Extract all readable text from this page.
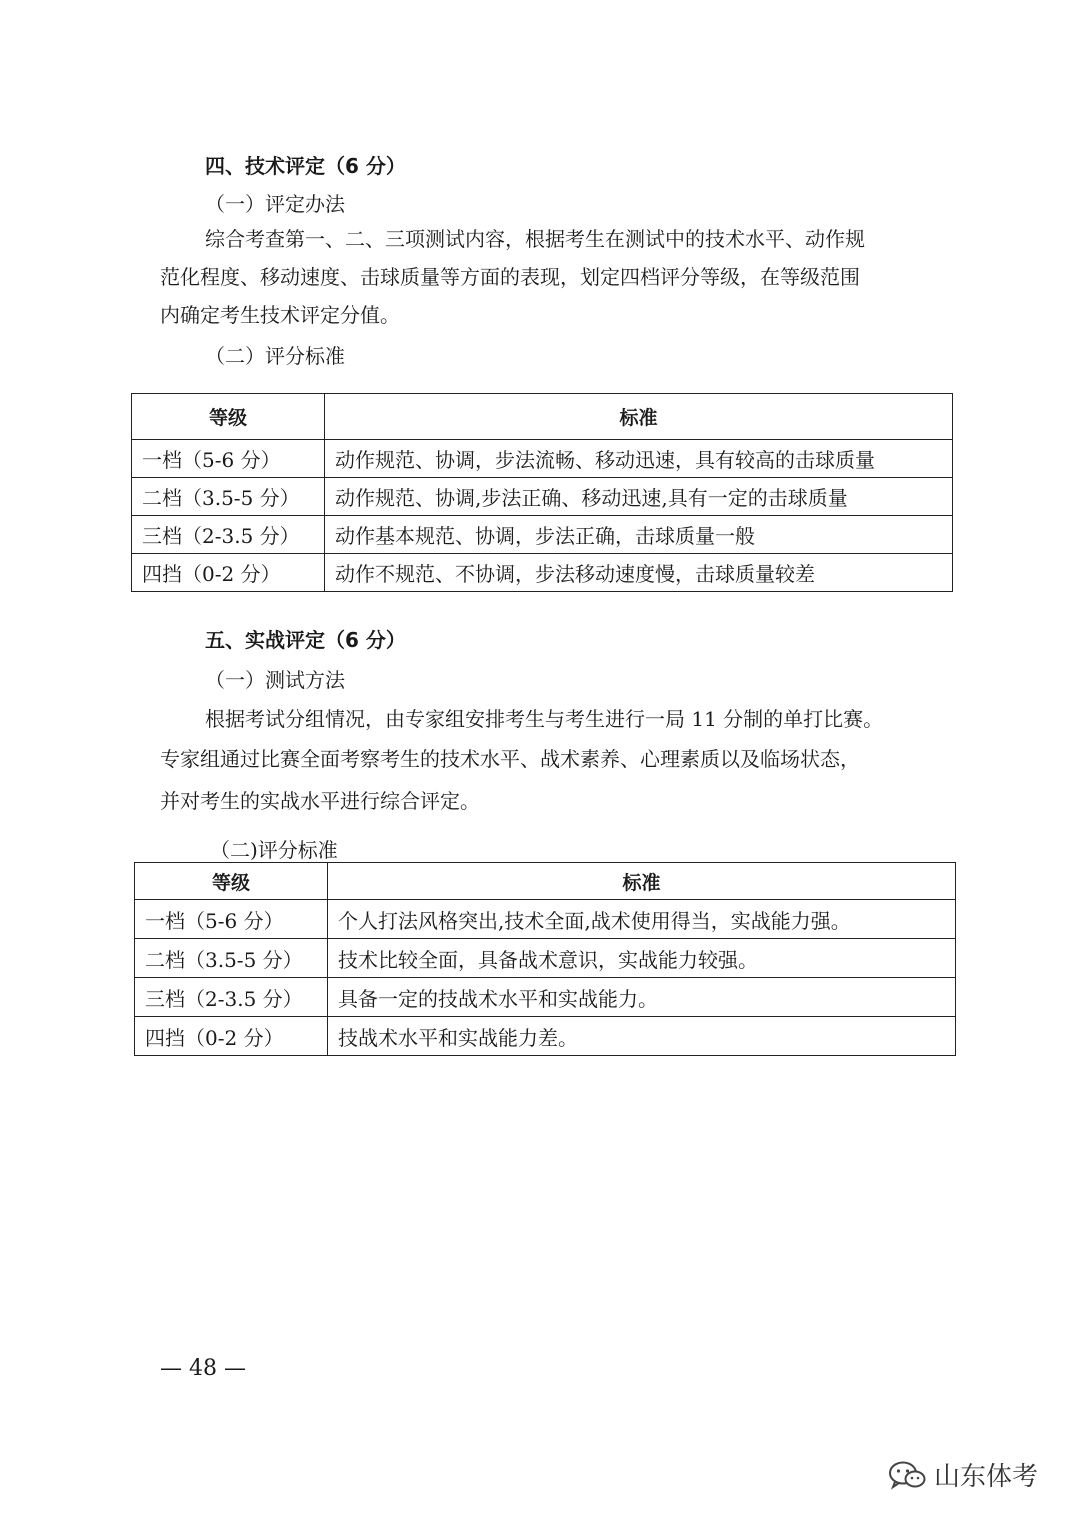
四、技术评定（6 分）
（一）评定办法
综合考查第一、二、三项测试内容，根据考生在测试中的技术水平、动作规
范化程度、移动速度、击球质量等方面的表现，划定四档评分等级，在等级范围
内确定考生技术评定分值。
（二）评分标准
等级	标准
一档（5-6 分）	动作规范、协调，步法流畅、移动迅速，具有较高的击球质量
二档（3.5-5 分）	动作规范、协调,步法正确、移动迅速,具有一定的击球质量
三档（2-3.5 分）	动作基本规范、协调，步法正确，击球质量一般
四挡（0-2 分）	动作不规范、不协调，步法移动速度慢，击球质量较差
五、实战评定（6 分）
（一）测试方法
根据考试分组情况，由专家组安排考生与考生进行一局 11 分制的单打比赛。
专家组通过比赛全面考察考生的技术水平、战术素养、心理素质以及临场状态，
并对考生的实战水平进行综合评定。
（二)评分标准
等级	标准
一档（5-6 分）	个人打法风格突出,技术全面,战术使用得当，实战能力强。
二档（3.5-5 分）	技术比较全面，具备战术意识，实战能力较强。
三档（2-3.5 分）	具备一定的技战术水平和实战能力。
四挡（0-2 分）	技战术水平和实战能力差。
— 48 —
山东体考
